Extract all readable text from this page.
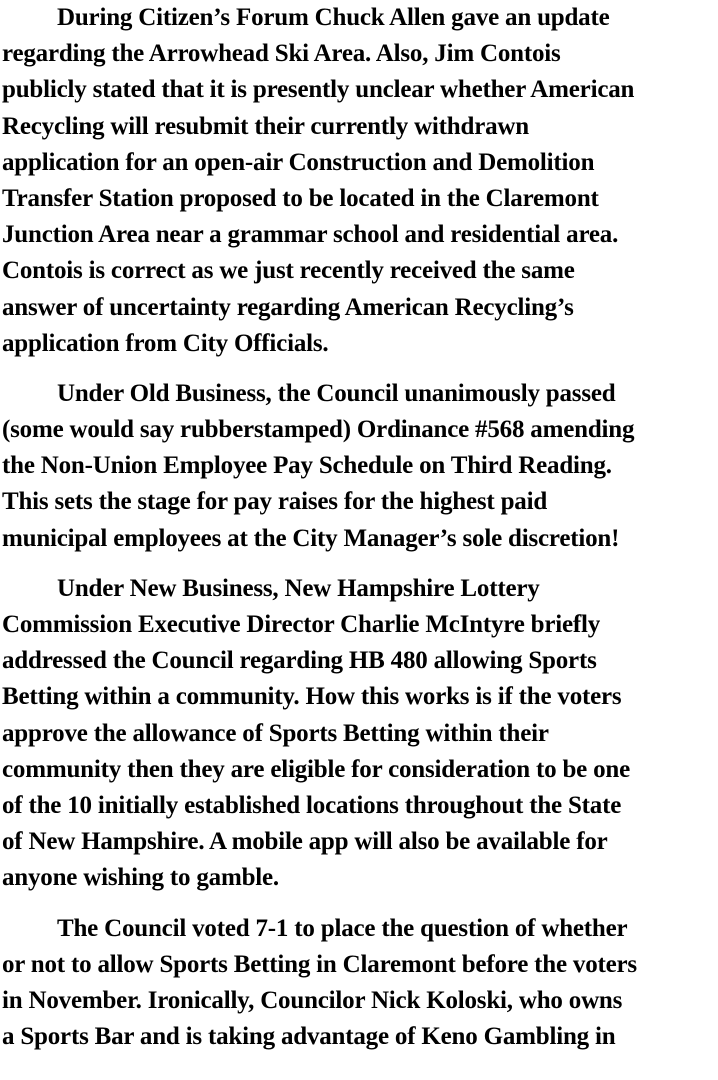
During Citizen’s Forum Chuck Allen gave an update
regarding the Arrowhead Ski Area. Also, Jim Contois
publicly stated that it is presently unclear whether American
Recycling will resubmit their currently withdrawn
application for an open-air Construction and Demolition
Transfer Station proposed to be located in the Claremont
Junction Area near a grammar school and residential area.
Contois is correct as we just recently received the same
answer of uncertainty regarding American Recycling’s
application from City Officials.
Under Old Business, the Council unanimously passed
(some would say rubberstamped) Ordinance #568 amending
the Non-Union Employee Pay Schedule on Third Reading.
This sets the stage for pay raises for the highest paid
municipal employees at the City Manager’s sole discretion!
Under New Business, New Hampshire Lottery
Commission Executive Director Charlie McIntyre briefly
addressed the Council regarding HB 480 allowing Sports
Betting within a community. How this works is if the voters
approve the allowance of Sports Betting within their
community then they are eligible for consideration to be one
of the 10 initially established locations throughout the State
of New Hampshire. A mobile app will also be available for
anyone wishing to gamble.
The Council voted 7-1 to place the question of whether
or not to allow Sports Betting in Claremont before the voters
in November. Ironically, Councilor Nick Koloski, who owns
a Sports Bar and is taking advantage of Keno Gambling in
